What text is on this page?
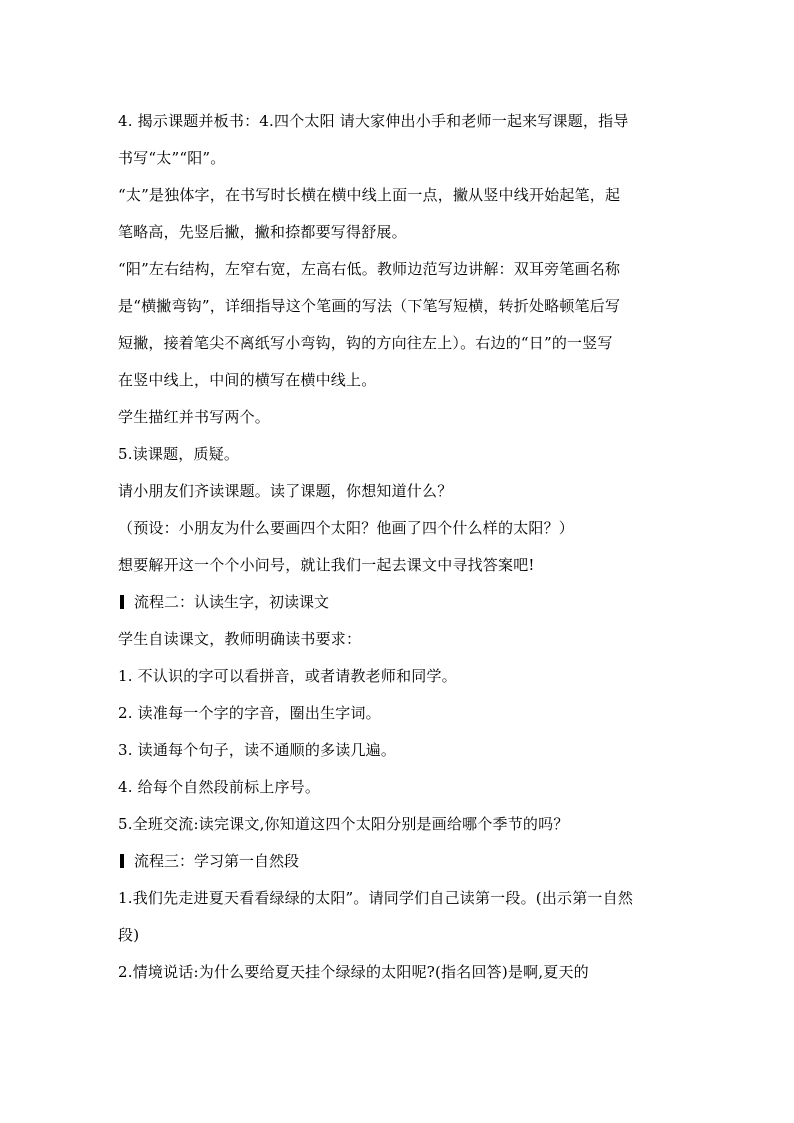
4. 揭示课题并板书：4.四个太阳 请大家伸出小手和老师一起来写课题，指导
书写“太”“阳”。
“太”是独体字，在书写时长横在横中线上面一点，撇从竖中线开始起笔，起
笔略高，先竖后撇，撇和捺都要写得舒展。
“阳”左右结构，左窄右宽，左高右低。教师边范写边讲解：双耳旁笔画名称
是“横撇弯钩”，详细指导这个笔画的写法（下笔写短横，转折处略顿笔后写
短撇，接着笔尖不离纸写小弯钩，钩的方向往左上）。右边的“日”的一竖写
在竖中线上，中间的横写在横中线上。
学生描红并书写两个。
5.读课题，质疑。
请小朋友们齐读课题。读了课题，你想知道什么？
（预设：小朋友为什么要画四个太阳？他画了四个什么样的太阳？）
想要解开这一个个小问号，就让我们一起去课文中寻找答案吧!
流程二：认读生字，初读课文
学生自读课文，教师明确读书要求：
1. 不认识的字可以看拼音，或者请教老师和同学。
2. 读准每一个字的字音，圈出生字词。
3. 读通每个句子，读不通顺的多读几遍。
4. 给每个自然段前标上序号。
5.全班交流:读完课文,你知道这四个太阳分别是画给哪个季节的吗？
流程三：学习第一自然段
1.我们先走进夏天看看绿绿的太阳”。请同学们自己读第一段。(出示第一自然
段)
2.情境说话:为什么要给夏天挂个绿绿的太阳呢?(指名回答)是啊,夏天的
